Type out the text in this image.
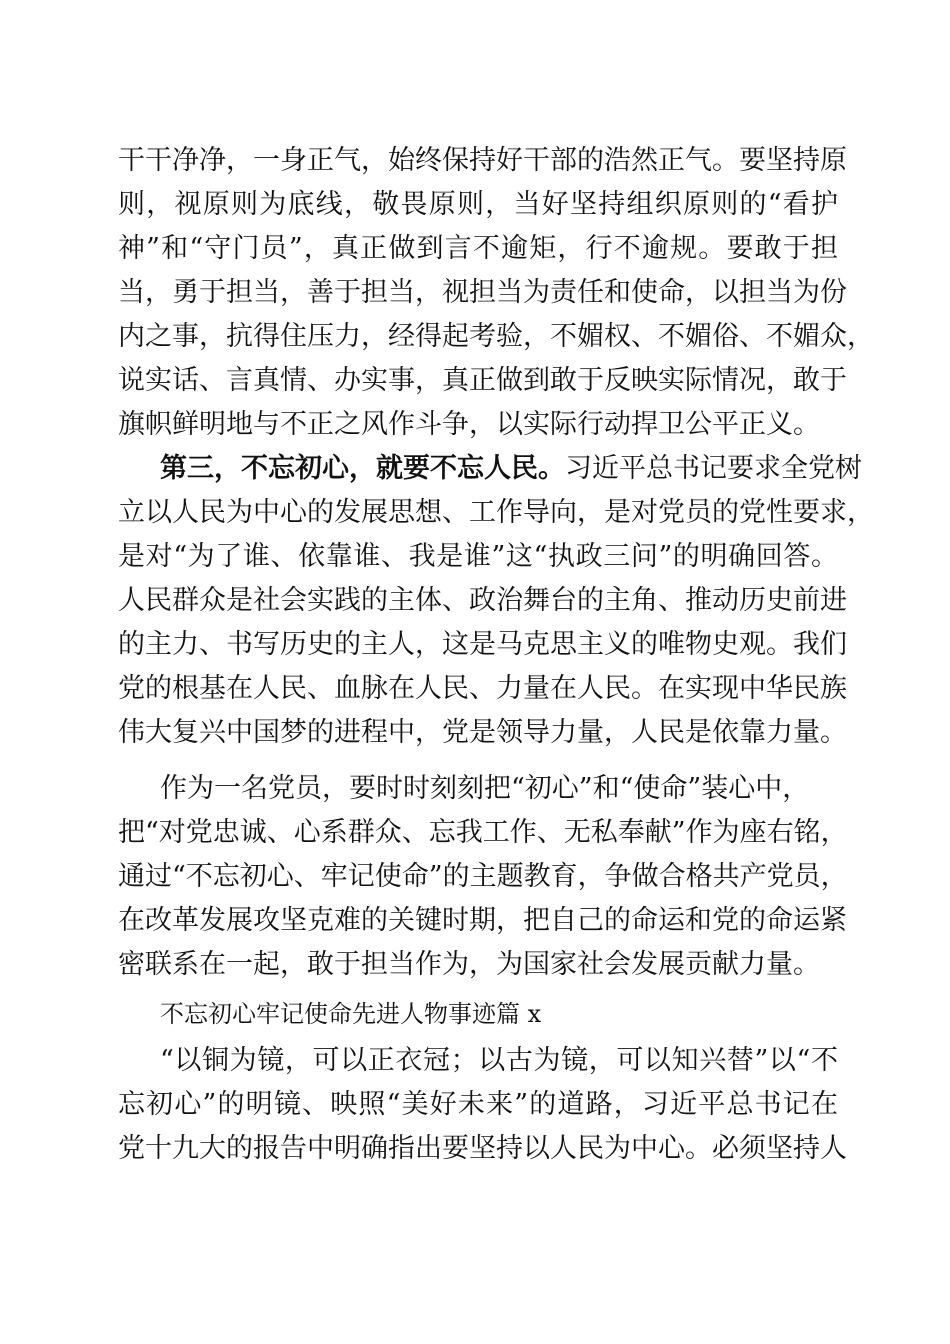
干干净净，一身正气，始终保持好干部的浩然正气。要坚持原
则，视原则为底线，敬畏原则，当好坚持组织原则的“看护
神”和“守门员”，真正做到言不逾矩，行不逾规。要敢于担
当，勇于担当，善于担当，视担当为责任和使命，以担当为份
内之事，抗得住压力，经得起考验，不媚权、不媚俗、不媚众，
说实话、言真情、办实事，真正做到敢于反映实际情况，敢于
旗帜鲜明地与不正之风作斗争，以实际行动捍卫公平正义。
第三，不忘初心，就要不忘人民。习近平总书记要求全党树
立以人民为中心的发展思想、工作导向，是对党员的党性要求，
是对“为了谁、依靠谁、我是谁”这“执政三问”的明确回答。
人民群众是社会实践的主体、政治舞台的主角、推动历史前进
的主力、书写历史的主人，这是马克思主义的唯物史观。我们
党的根基在人民、血脉在人民、力量在人民。在实现中华民族
伟大复兴中国梦的进程中，党是领导力量，人民是依靠力量。
作为一名党员，要时时刻刻把“初心”和“使命”装心中，
把“对党忠诚、心系群众、忘我工作、无私奉献”作为座右铭，
通过“不忘初心、牢记使命”的主题教育，争做合格共产党员，
在改革发展攻坚克难的关键时期，把自己的命运和党的命运紧
密联系在一起，敢于担当作为，为国家社会发展贡献力量。
不忘初心牢记使命先进人物事迹篇 x
“以铜为镜，可以正衣冠；以古为镜，可以知兴替”以“不
忘初心”的明镜、映照“美好未来”的道路，习近平总书记在
党十九大的报告中明确指出要坚持以人民为中心。必须坚持人
